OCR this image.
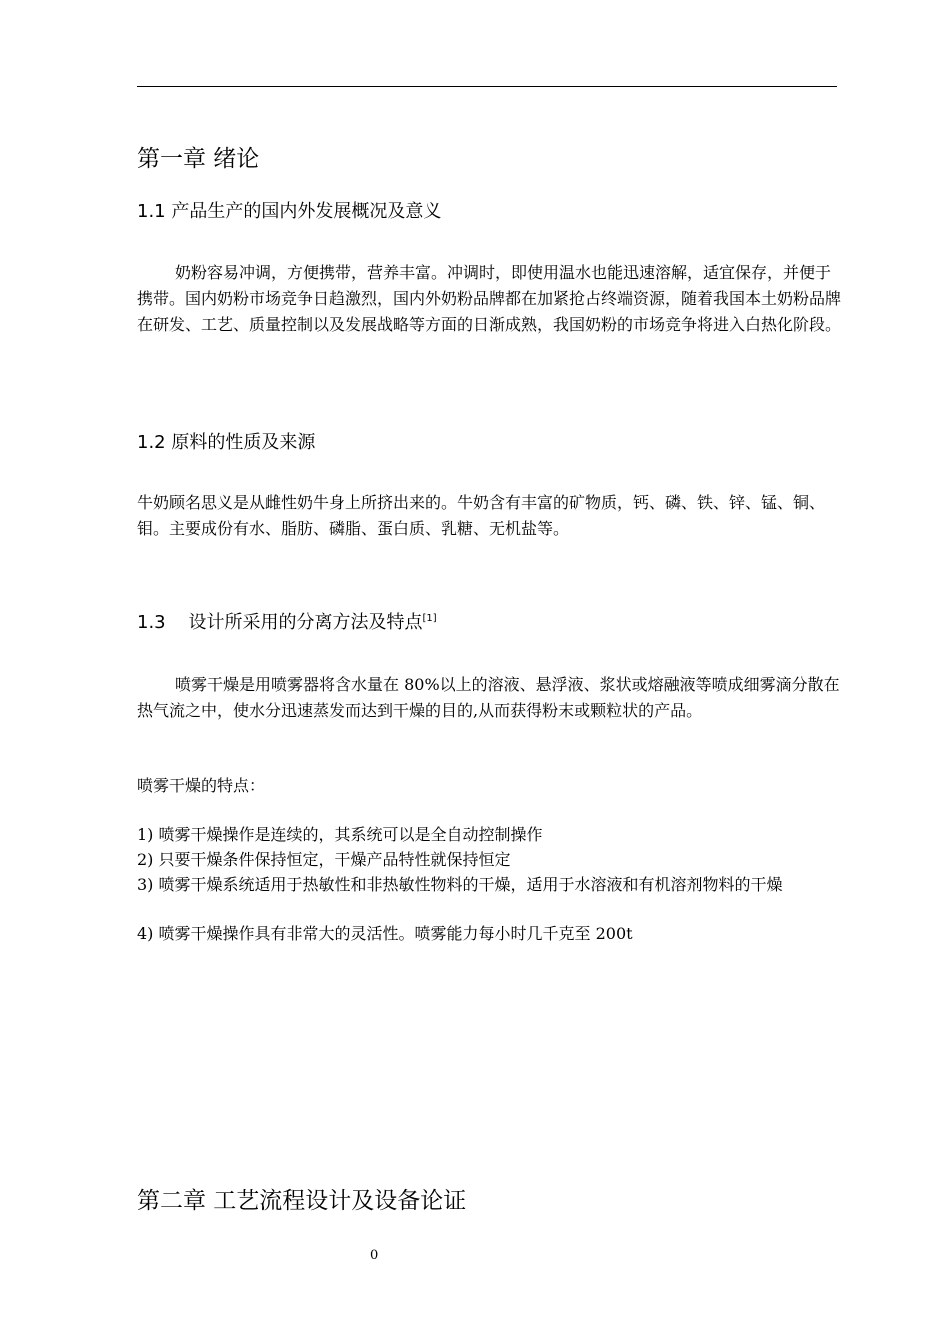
第一章 绪论
1.1 产品生产的国内外发展概况及意义

奶粉容易冲调，方便携带，营养丰富。冲调时，即使用温水也能迅速溶解，适宜保存，并便于携带。国内奶粉市场竞争日趋激烈，国内外奶粉品牌都在加紧抢占终端资源，随着我国本土奶粉品牌在研发、工艺、质量控制以及发展战略等方面的日渐成熟，我国奶粉的市场竞争将进入白热化阶段。

1.2 原料的性质及来源

牛奶顾名思义是从雌性奶牛身上所挤出来的。牛奶含有丰富的矿物质，钙、磷、铁、锌、锰、铜、钼。主要成份有水、脂肪、磷脂、蛋白质、乳糖、无机盐等。

1.3 设计所采用的分离方法及特点[1]

喷雾干燥是用喷雾器将含水量在 80%以上的溶液、悬浮液、浆状或熔融液等喷成细雾滴分散在热气流之中，使水分迅速蒸发而达到干燥的目的,从而获得粉末或颗粒状的产品。

喷雾干燥的特点：
1) 喷雾干燥操作是连续的，其系统可以是全自动控制操作
2) 只要干燥条件保持恒定，干燥产品特性就保持恒定
3) 喷雾干燥系统适用于热敏性和非热敏性物料的干燥，适用于水溶液和有机溶剂物料的干燥
4) 喷雾干燥操作具有非常大的灵活性。喷雾能力每小时几千克至 200t
第二章 工艺流程设计及设备论证
0
